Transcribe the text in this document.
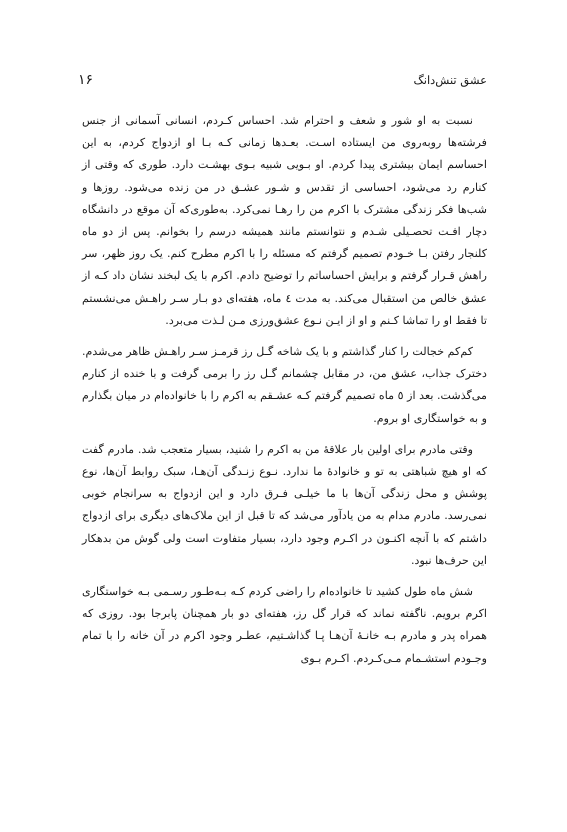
عشق تنش‌دانگ
۱۶

نسبت به او شور و شعف و احترام شد. احساس کـردم، انسانی آسمانی از جنس فرشته‌ها روبه‌روی من ایستاده اسـت. بعـدها زمانی کـه بـا او ازدواج کردم، به این احساسم ایمان بیشتری پیدا کردم. او بـویی شبیه بـوی بهشـت دارد. طوری که وقتی از کنارم رد می‌شود، احساسی از تقدس و شـور عشـق در من زنده می‌شود. روزها و شب‌ها فکر زندگی مشترک با اکرم من را رهـا نمی‌کرد. به‌طوری‌که آن موقع در دانشگاه دچار افـت تحصـیلی شـدم و نتوانستم مانند همیشه درسم را بخوانم. پس از دو ماه کلنجار رفتن بـا خـودم تصمیم گرفتم که مسئله را با اکرم مطرح کنم. یک روز ظهر، سر راهش قـرار گرفتم و برایش احساساتم را توضیح دادم. اکرم با یک لبخند نشان داد کـه از عشق خالص من استقبال می‌کند. به مدت ٤ ماه، هفته‌ای دو بـار سـر راهـش می‌نشستم تا فقط او را تماشا کـنم و او از ایـن نـوع عشق‌ورزی مـن لـذت می‌برد.

کم‌کم خجالت را کنار گذاشتم و با یک شاخه گـل رز قرمـز سـر راهـش ظاهر می‌شدم. دخترک جذاب، عشق من، در مقابل چشمانم گـل رز را بر‌می‌ گرفت و با خنده از کنارم می‌گذشت. بعد از ٥ ماه تصمیم گرفتم کـه عشـقم به اکرم را با خانواده‌ام در میان بگذارم و به خواستگاری او بروم.

وقتی مادرم برای اولین بار علاقهٔ من به اکرم را شنید، بسیار متعجب شد. مادرم گفت که او هیچ شباهتی به تو و خانوادهٔ ما ندارد. نـوع زنـدگی آن‌هـا، سبک روابط آن‌ها، نوع پوشش و محل زندگی آن‌ها با ما خیلـی فـرق دارد و این ازدواج به سرانجام خوبی نمی‌رسد. مادرم مدام به من یادآور می‌شد که تا قبل از این ملاک‌های دیگری برای ازدواج داشتم که با آنچه اکنـون در اکـرم وجود دارد، بسیار متفاوت است ولی گوش من بدهکار این حرف‌ها نبود.

شش ماه طول کشید تا خانواده‌ام را راضی کردم کـه بـه‌طـور رسـمی بـه خواستگاری اکرم برویم. ناگفته نماند که قرار گل رز، هفته‌ای دو بار همچنان پابرجا بود. روزی که همراه پدر و مادرم بـه خانـهٔ آن‌هـا پـا گذاشـتیم، عطـر وجود اکرم در آن خانه را با تمام وجـودم استشـمام مـی‌کـردم. اکـرم بـوی
